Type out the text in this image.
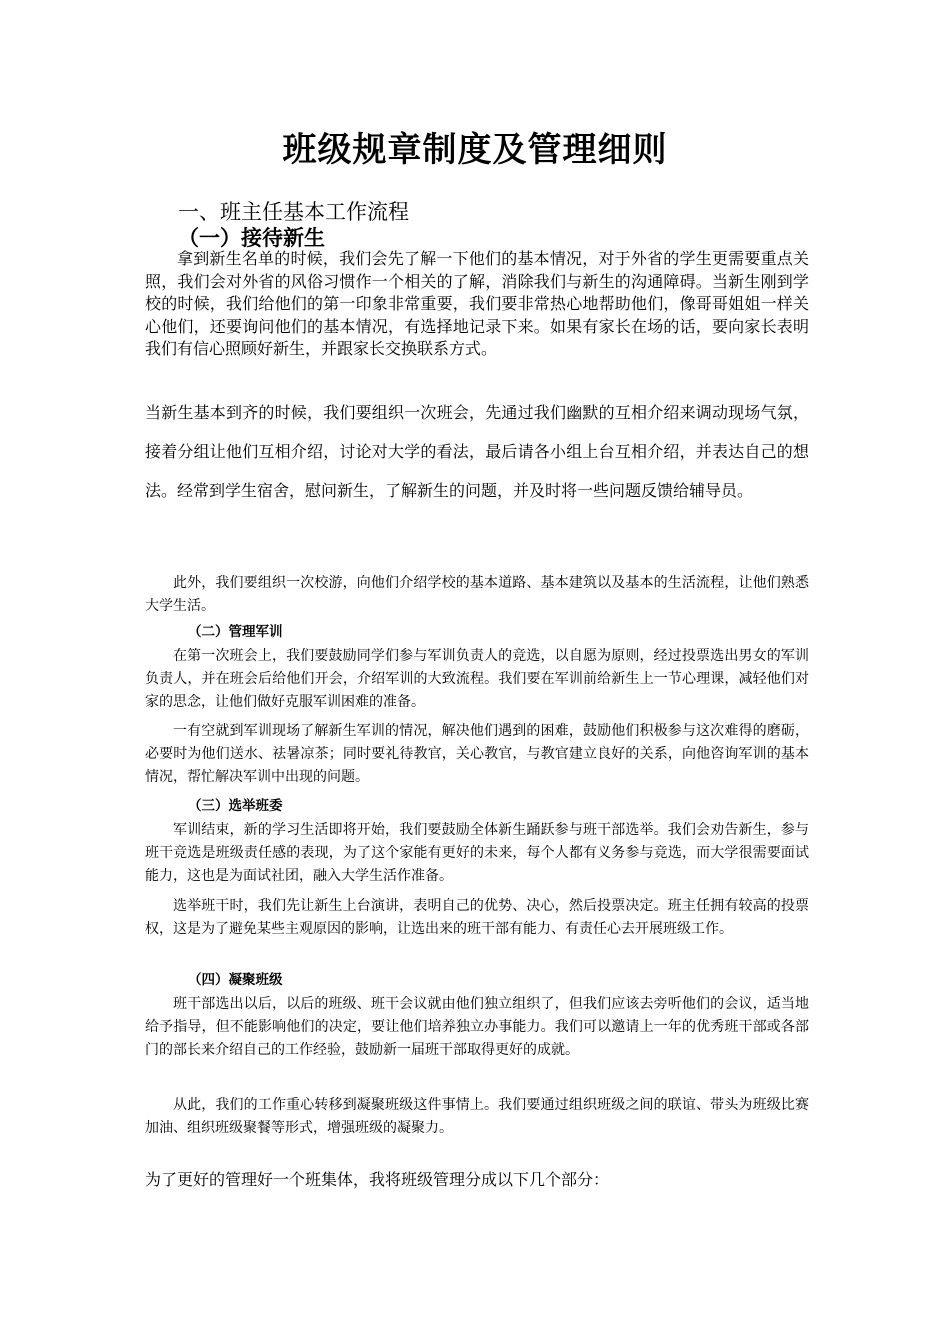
班级规章制度及管理细则
一、班主任基本工作流程
（一）接待新生
拿到新生名单的时候，我们会先了解一下他们的基本情况，对于外省的学生更需要重点关照，我们会对外省的风俗习惯作一个相关的了解，消除我们与新生的沟通障碍。当新生刚到学校的时候，我们给他们的第一印象非常重要，我们要非常热心地帮助他们，像哥哥姐姐一样关心他们，还要询问他们的基本情况，有选择地记录下来。如果有家长在场的话，要向家长表明我们有信心照顾好新生，并跟家长交换联系方式。
当新生基本到齐的时候，我们要组织一次班会，先通过我们幽默的互相介绍来调动现场气氛，接着分组让他们互相介绍，讨论对大学的看法，最后请各小组上台互相介绍，并表达自己的想法。经常到学生宿舍，慰问新生，了解新生的问题，并及时将一些问题反馈给辅导员。
此外，我们要组织一次校游，向他们介绍学校的基本道路、基本建筑以及基本的生活流程，让他们熟悉大学生活。
（二）管理军训
在第一次班会上，我们要鼓励同学们参与军训负责人的竞选，以自愿为原则，经过投票选出男女的军训负责人，并在班会后给他们开会，介绍军训的大致流程。我们要在军训前给新生上一节心理课，减轻他们对家的思念，让他们做好克服军训困难的准备。
一有空就到军训现场了解新生军训的情况，解决他们遇到的困难，鼓励他们积极参与这次难得的磨砺，必要时为他们送水、祛暑凉茶；同时要礼待教官，关心教官，与教官建立良好的关系，向他咨询军训的基本情况，帮忙解决军训中出现的问题。
（三）选举班委
军训结束，新的学习生活即将开始，我们要鼓励全体新生踊跃参与班干部选举。我们会劝告新生，参与班干竞选是班级责任感的表现，为了这个家能有更好的未来，每个人都有义务参与竞选，而大学很需要面试能力，这也是为面试社团，融入大学生活作准备。
选举班干时，我们先让新生上台演讲，表明自己的优势、决心，然后投票决定。班主任拥有较高的投票权，这是为了避免某些主观原因的影响，让选出来的班干部有能力、有责任心去开展班级工作。
（四）凝聚班级
班干部选出以后，以后的班级、班干会议就由他们独立组织了，但我们应该去旁听他们的会议，适当地给予指导，但不能影响他们的决定，要让他们培养独立办事能力。我们可以邀请上一年的优秀班干部或各部门的部长来介绍自己的工作经验，鼓励新一届班干部取得更好的成就。
从此，我们的工作重心转移到凝聚班级这件事情上。我们要通过组织班级之间的联谊、带头为班级比赛加油、组织班级聚餐等形式，增强班级的凝聚力。
为了更好的管理好一个班集体，我将班级管理分成以下几个部分：
